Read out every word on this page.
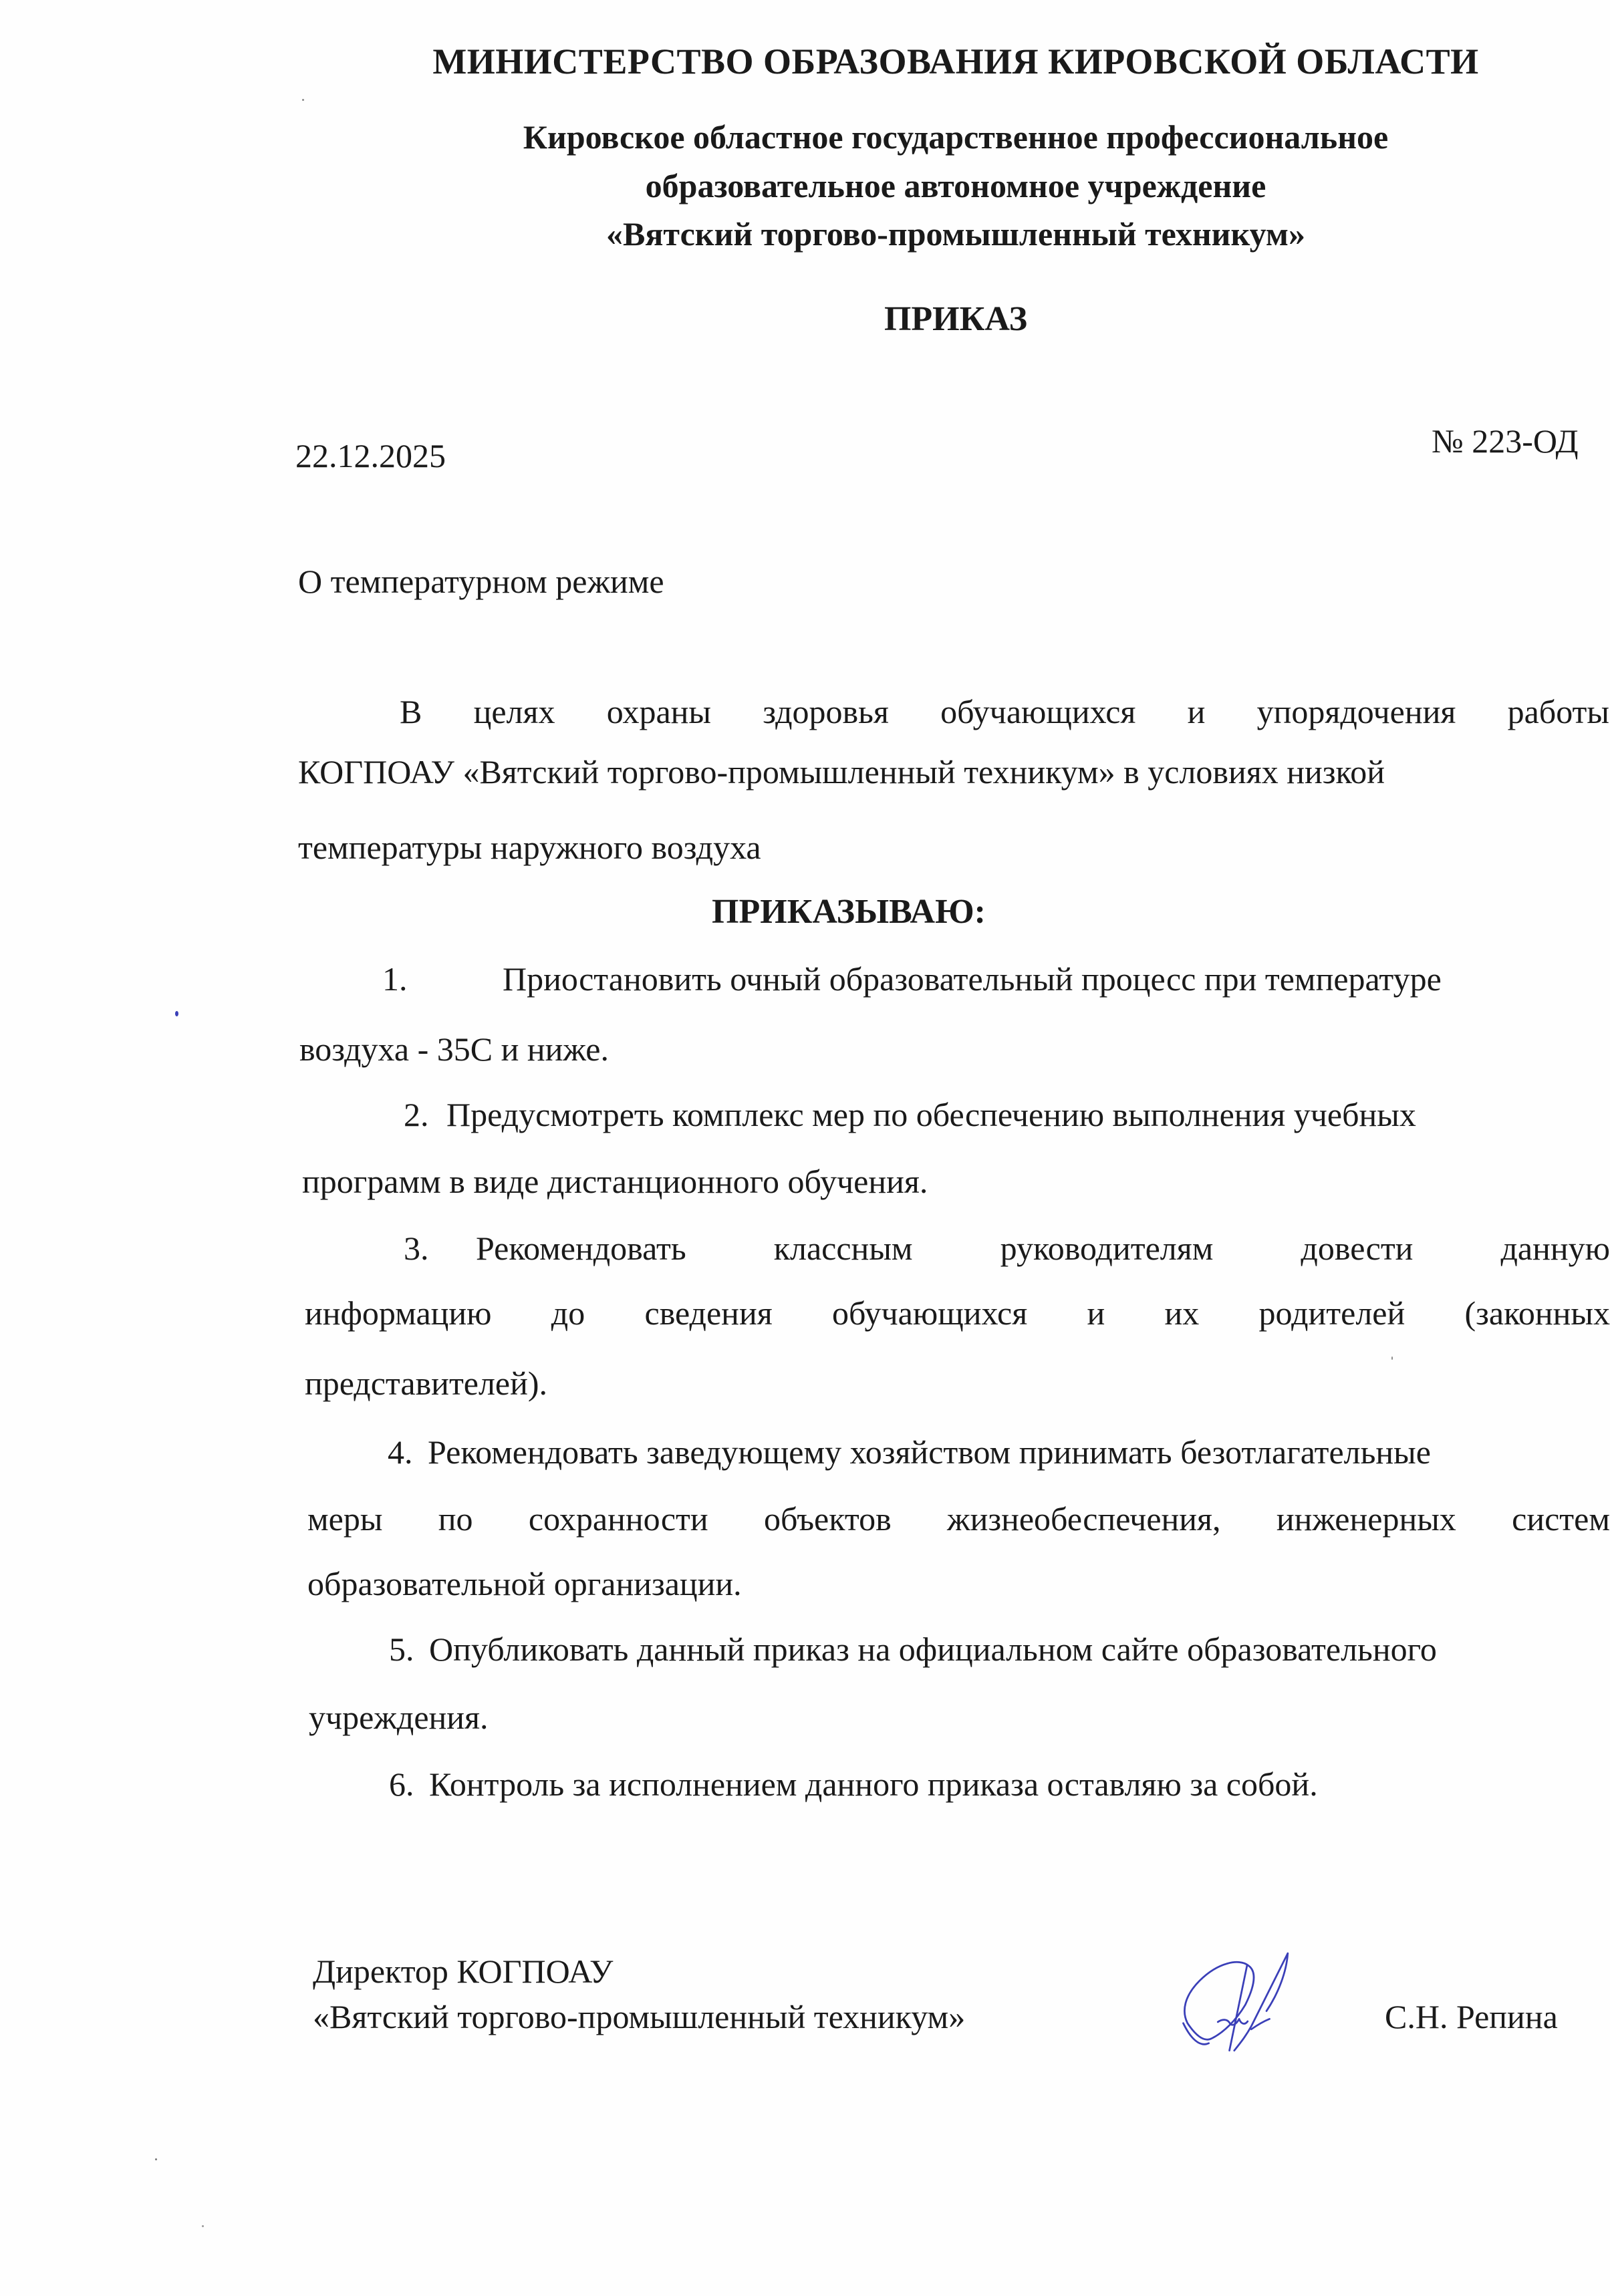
МИНИСТЕРСТВО ОБРАЗОВАНИЯ КИРОВСКОЙ ОБЛАСТИ
Кировское областное государственное профессиональное
образовательное автономное учреждение
«Вятский торгово-промышленный техникум»
ПРИКАЗ
22.12.2025	№ 223-ОД
О температурном режиме
В целях охраны здоровья обучающихся и упорядочения работы
КОГПОАУ «Вятский торгово-промышленный техникум» в условиях низкой
температуры наружного воздуха
ПРИКАЗЫВАЮ:
1.	Приостановить очный образовательный процесс при температуре
воздуха - 35С и ниже.
2. Предусмотреть комплекс мер по обеспечению выполнения учебных
программ в виде дистанционного обучения.
3. Рекомендовать классным руководителям довести данную
информацию до сведения обучающихся и их родителей (законных
представителей).
4. Рекомендовать заведующему хозяйством принимать безотлагательные
меры по сохранности объектов жизнеобеспечения, инженерных систем
образовательной организации.
5. Опубликовать данный приказ на официальном сайте образовательного
учреждения.
6. Контроль за исполнением данного приказа оставляю за собой.
Директор КОГПОАУ
«Вятский торгово-промышленный техникум»	С.Н. Репина
